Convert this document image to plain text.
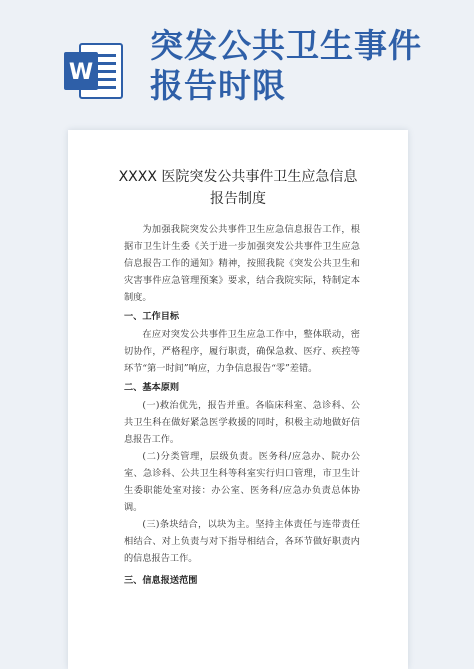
W
突发公共卫生事件
报告时限
XXXX 医院突发公共事件卫生应急信息
报告制度

为加强我院突发公共事件卫生应急信息报告工作，根据市卫生计生委《关于进一步加强突发公共事件卫生应急信息报告工作的通知》精神，按照我院《突发公共卫生和灾害事件应急管理预案》要求，结合我院实际，特制定本制度。

一、工作目标

在应对突发公共事件卫生应急工作中，整体联动，密切协作，严格程序，履行职责，确保急救、医疗、疾控等环节“第一时间”响应，力争信息报告“零”差错。

二、基本原则

(一)救治优先，报告并重。各临床科室、急诊科、公共卫生科在做好紧急医学救援的同时，积极主动地做好信息报告工作。

(二)分类管理，层级负责。医务科/应急办、院办公室、急诊科、公共卫生科等科室实行归口管理，市卫生计生委职能处室对接：办公室、医务科/应急办负责总体协调。

(三)条块结合，以块为主。坚持主体责任与连带责任相结合、对上负责与对下指导相结合，各环节做好职责内的信息报告工作。

三、信息报送范围
